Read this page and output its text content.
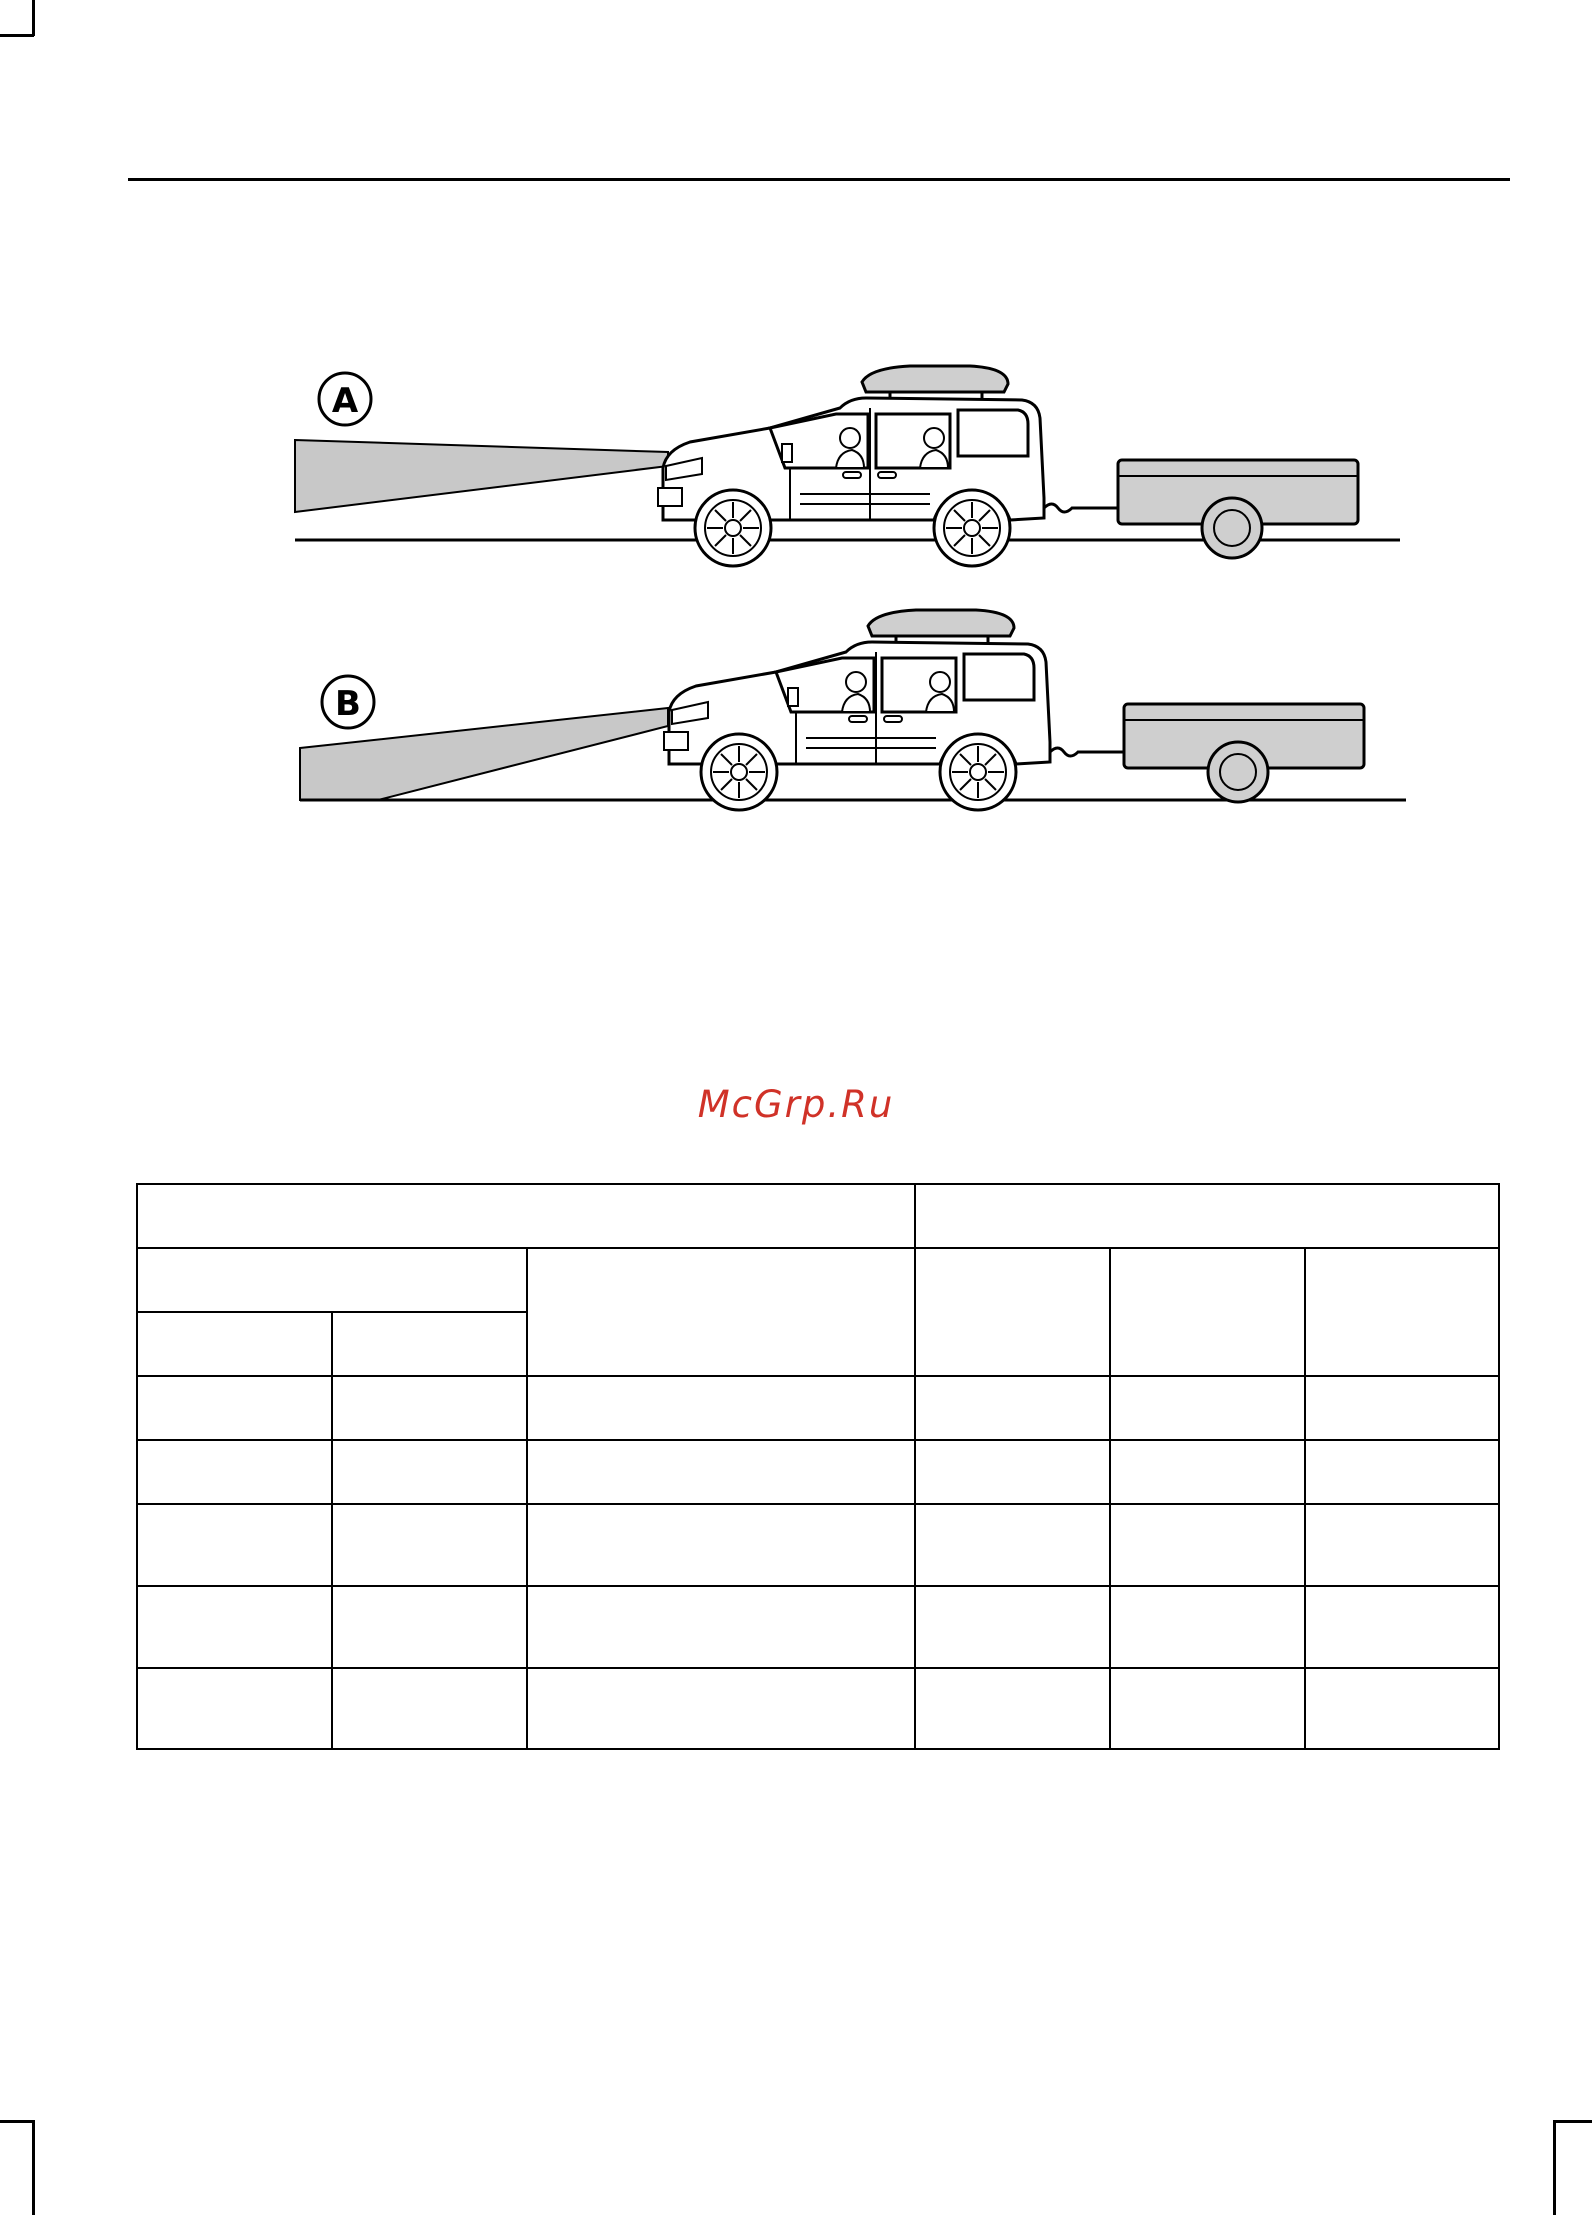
A
B
McGrp.Ru
